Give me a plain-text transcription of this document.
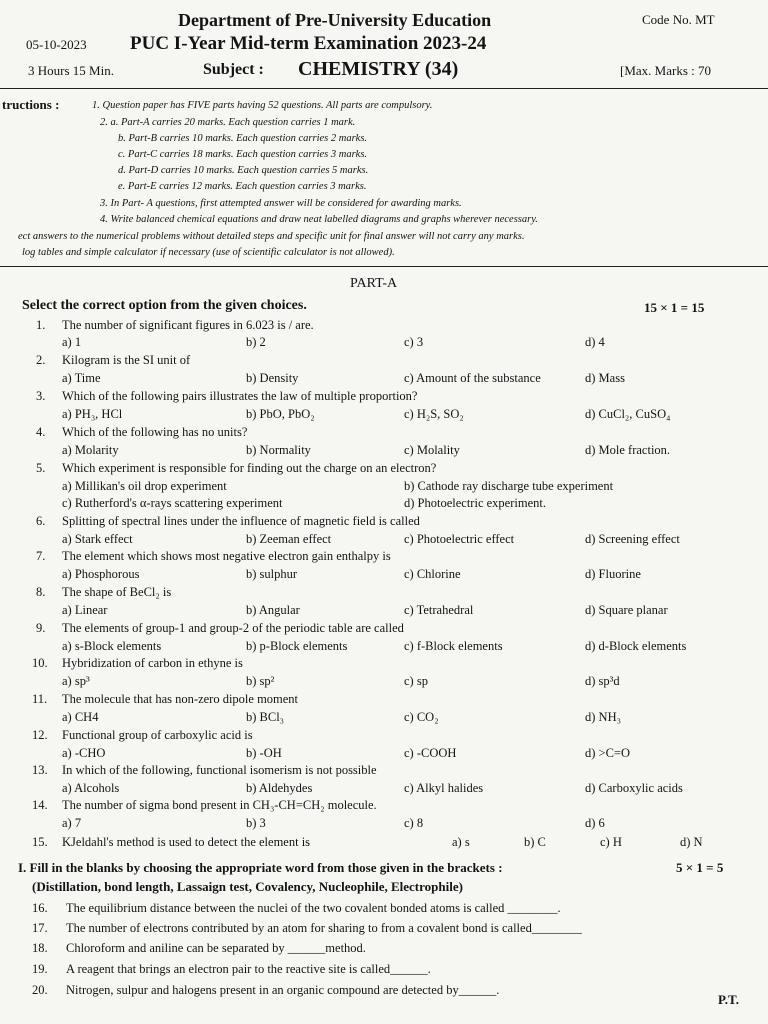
Department of Pre-University Education	Code No. MT
05-10-2023 PUC I-Year Mid-term Examination 2023-24
3 Hours 15 Min.	Subject : CHEMISTRY (34)	[Max. Marks : 70
tructions :	1. Question paper has FIVE parts having 52 questions. All parts are compulsory.
2. a. Part-A carries 20 marks. Each question carries 1 mark.
b. Part-B carries 10 marks. Each question carries 2 marks.
c. Part-C carries 18 marks. Each question carries 3 marks.
d. Part-D carries 10 marks. Each question carries 5 marks.
e. Part-E carries 12 marks. Each question carries 3 marks.
3. In Part- A questions, first attempted answer will be considered for awarding marks.
4. Write balanced chemical equations and draw neat labelled diagrams and graphs wherever necessary.
ect answers to the numerical problems without detailed steps and specific unit for final answer will not carry any marks.
log tables and simple calculator if necessary (use of scientific calculator is not allowed).
PART-A
Select the correct option from the given choices.	15 × 1 = 15
1. The number of significant figures in 6.023 is / are.
a) 1	b) 2	c) 3	d) 4
2. Kilogram is the SI unit of
a) Time	b) Density	c) Amount of the substance	d) Mass
3. Which of the following pairs illustrates the law of multiple proportion?
a) PH₃, HCl	b) PbO, PbO₂	c) H₂S, SO₂	d) CuCl₂, CuSO₄
4. Which of the following has no units?
a) Molarity	b) Normality	c) Molality	d) Mole fraction.
5. Which experiment is responsible for finding out the charge on an electron?
a) Millikan's oil drop experiment	b) Cathode ray discharge tube experiment
c) Rutherford's α-rays scattering experiment	d) Photoelectric experiment.
6. Splitting of spectral lines under the influence of magnetic field is called
a) Stark effect	b) Zeeman effect	c) Photoelectric effect	d) Screening effect
7. The element which shows most negative electron gain enthalpy is
a) Phosphorous	b) sulphur	c) Chlorine	d) Fluorine
8. The shape of BeCl₂ is
a) Linear	b) Angular	c) Tetrahedral	d) Square planar
9. The elements of group-1 and group-2 of the periodic table are called
a) s-Block elements	b) p-Block elements	c) f-Block elements	d) d-Block elements
10. Hybridization of carbon in ethyne is
a) sp³	b) sp²	c) sp	d) sp³d
11. The molecule that has non-zero dipole moment
a) CH4	b) BCl₃	c) CO₂	d) NH₃
12. Functional group of carboxylic acid is
a) -CHO	b) -OH	c) -COOH	d) >C=O
13. In which of the following, functional isomerism is not possible
a) Alcohols	b) Aldehydes	c) Alkyl halides	d) Carboxylic acids
14. The number of sigma bond present in CH₃-CH=CH₂ molecule.
a) 7	b) 3	c) 8	d) 6
15. KJeldahl's method is used to detect the element is	a) s	b) C	c) H	d) N
I. Fill in the blanks by choosing the appropriate word from those given in the brackets :	5 × 1 = 5
(Distillation, bond length, Lassaign test, Covalency, Nucleophile, Electrophile)
16. The equilibrium distance between the nuclei of the two covalent bonded atoms is called ________.
17. The number of electrons contributed by an atom for sharing to from a covalent bond is called________
18. Chloroform and aniline can be separated by ______method.
19. A reagent that brings an electron pair to the reactive site is called______.
20. Nitrogen, sulpur and halogens present in an organic compound are detected by______.
P.T.
